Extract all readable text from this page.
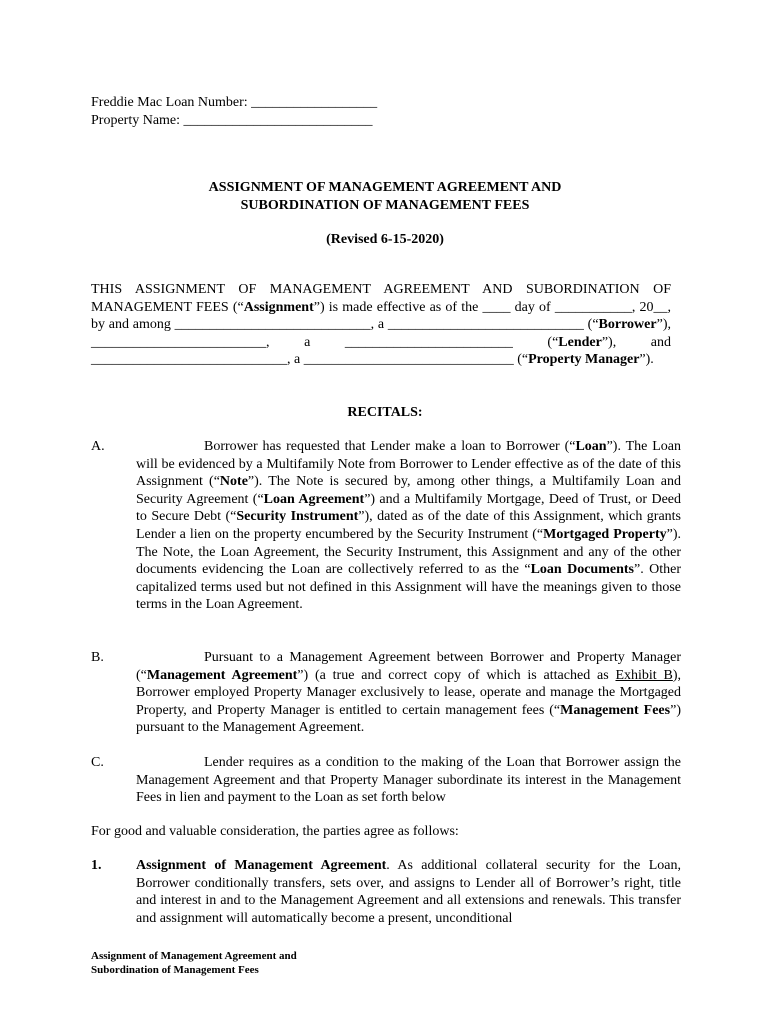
Freddie Mac Loan Number: __________________
Property Name: ___________________________
ASSIGNMENT OF MANAGEMENT AGREEMENT AND
SUBORDINATION OF MANAGEMENT FEES
(Revised 6-15-2020)
THIS ASSIGNMENT OF MANAGEMENT AGREEMENT AND SUBORDINATION OF MANAGEMENT FEES (“Assignment”) is made effective as of the ____ day of ___________, 20__, by and among ____________________________, a ____________________________ (“Borrower”), _________________________, a ________________________ (“Lender”), and ____________________________, a ______________________________ (“Property Manager”).
RECITALS:
A.	Borrower has requested that Lender make a loan to Borrower (“Loan”). The Loan will be evidenced by a Multifamily Note from Borrower to Lender effective as of the date of this Assignment (“Note”). The Note is secured by, among other things, a Multifamily Loan and Security Agreement (“Loan Agreement”) and a Multifamily Mortgage, Deed of Trust, or Deed to Secure Debt (“Security Instrument”), dated as of the date of this Assignment, which grants Lender a lien on the property encumbered by the Security Instrument (“Mortgaged Property”). The Note, the Loan Agreement, the Security Instrument, this Assignment and any of the other documents evidencing the Loan are collectively referred to as the “Loan Documents”. Other capitalized terms used but not defined in this Assignment will have the meanings given to those terms in the Loan Agreement.
B.	Pursuant to a Management Agreement between Borrower and Property Manager (“Management Agreement”) (a true and correct copy of which is attached as Exhibit B), Borrower employed Property Manager exclusively to lease, operate and manage the Mortgaged Property, and Property Manager is entitled to certain management fees (“Management Fees”) pursuant to the Management Agreement.
C.	Lender requires as a condition to the making of the Loan that Borrower assign the Management Agreement and that Property Manager subordinate its interest in the Management Fees in lien and payment to the Loan as set forth below
For good and valuable consideration, the parties agree as follows:
1. Assignment of Management Agreement. As additional collateral security for the Loan, Borrower conditionally transfers, sets over, and assigns to Lender all of Borrower’s right, title and interest in and to the Management Agreement and all extensions and renewals. This transfer and assignment will automatically become a present, unconditional
Assignment of Management Agreement and
Subordination of Management Fees
